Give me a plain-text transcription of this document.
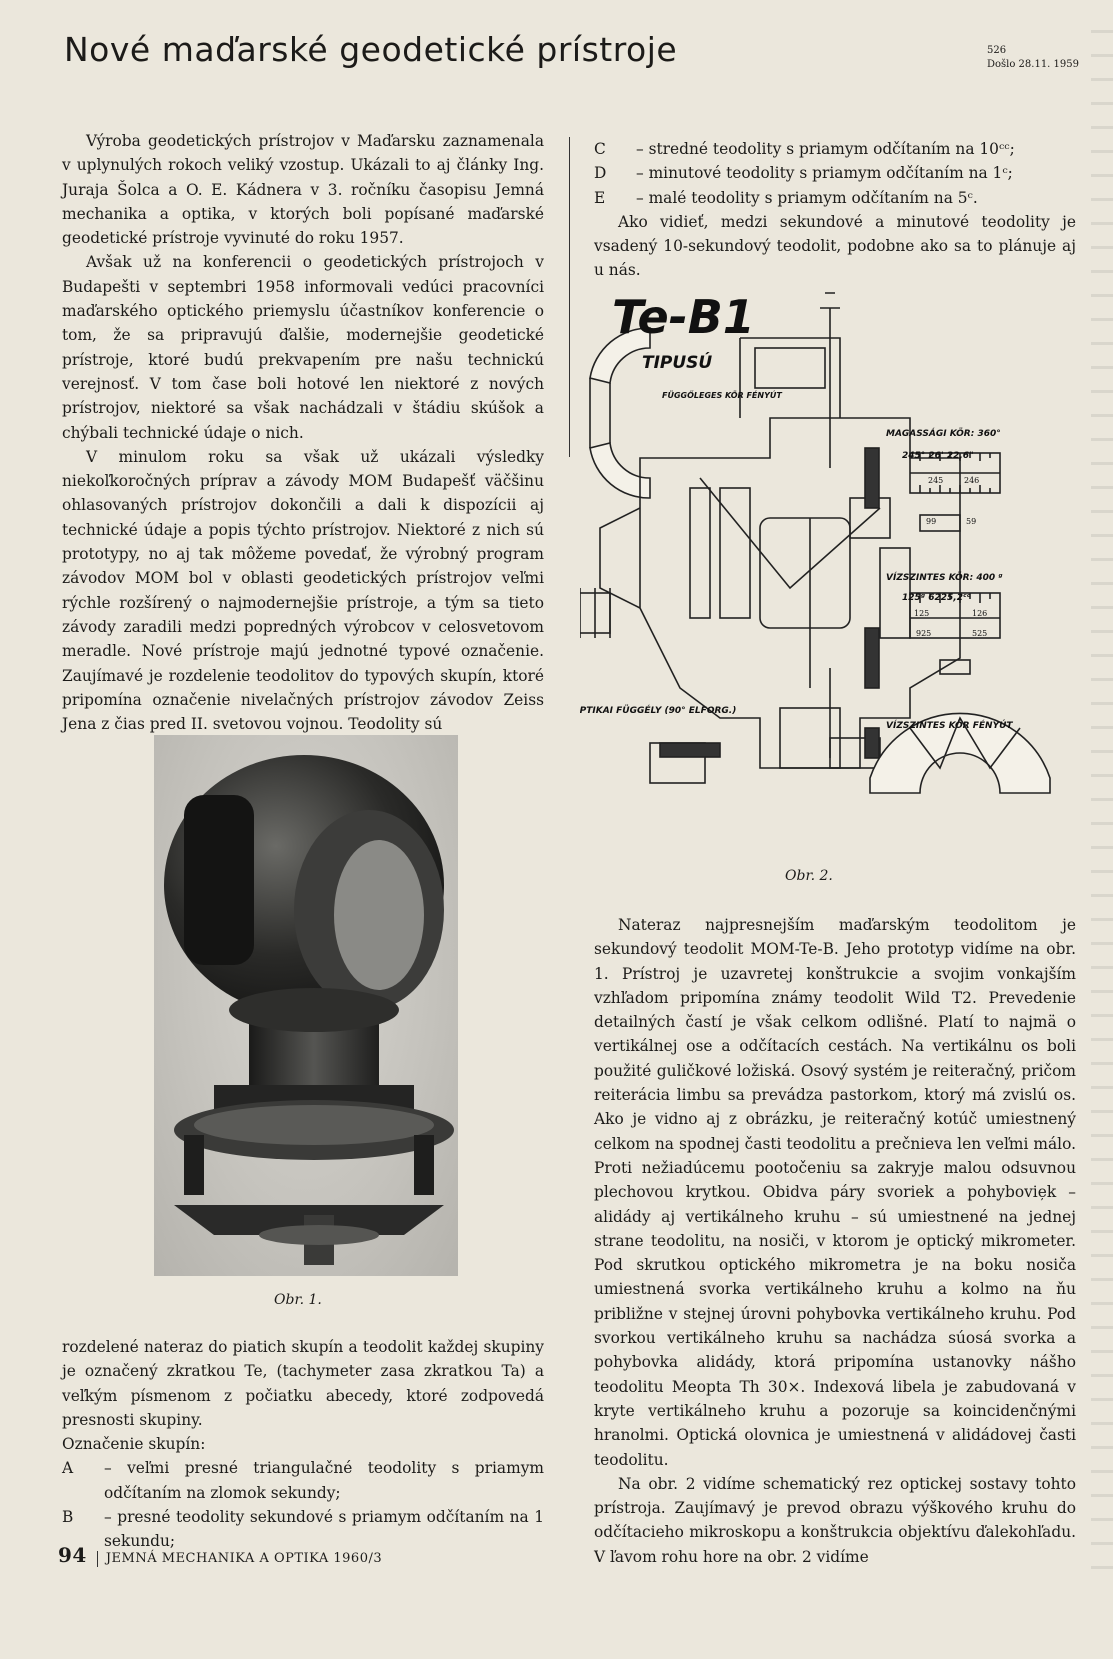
Nové maďarské geodetické prístroje	526
Došlo 28.11. 1959

Výroba geodetických prístrojov v Maďarsku zaznamenala v uplynulých rokoch veliký vzostup. Ukázali to aj články Ing. Juraja Šolca a O. E. Kádnera v 3. ročníku časopisu Jemná mechanika a optika, v ktorých boli popísané maďarské geodetické prístroje vyvinuté do roku 1957.

Avšak už na konferencii o geodetických prístrojoch v Budapešti v septembri 1958 informovali vedúci pracovníci maďarského optického priemyslu účastníkov konferencie o tom, že sa pripravujú ďalšie, modernejšie geodetické prístroje, ktoré budú prekvapením pre našu technickú verejnosť. V tom čase boli hotové len niektoré z nových prístrojov, niektoré sa však nachádzali v štádiu skúšok a chýbali technické údaje o nich.

V minulom roku sa však už ukázali výsledky niekoľkoročných príprav a závody MOM Budapešť väčšinu ohlasovaných prístrojov dokončili a dali k dispozícii aj technické údaje a popis týchto prístrojov. Niektoré z nich sú prototypy, no aj tak môžeme povedať, že výrobný program závodov MOM bol v oblasti geodetických prístrojov veľmi rýchle rozšírený o najmodernejšie prístroje, a tým sa tieto závody zaradili medzi popredných výrobcov v celosvetovom meradle. Nové prístroje majú jednotné typové označenie. Zaujímavé je rozdelenie teodolitov do typových skupín, ktoré pripomína označenie nivelačných prístrojov závodov Zeiss Jena z čias pred II. svetovou vojnou. Teodolity sú

Obr. 1.

rozdelené nateraz do piatich skupín a teodolit každej skupiny je označený zkratkou Te, (tachymeter zasa zkratkou Ta) a veľkým písmenom z počiatku abecedy, ktoré zodpovedá presnosti skupiny.

Označenie skupín:

A – veľmi presné triangulačné teodolity s priamym odčítaním na zlomok sekundy;
B – presné teodolity sekundové s priamym odčítaním na 1 sekundu;
C – stredné teodolity s priamym odčítaním na 10ᶜᶜ;
D – minutové teodolity s priamym odčítaním na 1ᶜ;
E – malé teodolity s priamym odčítaním na 5ᶜ.

Ako vidieť, medzi sekundové a minutové teodolity je vsadený 10-sekundový teodolit, podobne ako sa to plánuje aj u nás.

Te-B1
TIPUSÚ
FÜGGŐLEGES KÖR FÉNYÚT
MAGASSÁGI KÖR: 360°
245° 26' 22,6"
245	246
99	59
VÍZSZINTES KÖR: 400 ᵍ
125ᵍ 6225,2ᶜᶜ
125	126
925	525
OPTIKAI FÜGGÉLY (90° ELFORG.)
VÍZSZINTES KÖR FÉNYÚT
Obr. 2.

Nateraz najpresnejším maďarským teodolitom je sekundový teodolit MOM-Te-B. Jeho prototyp vidíme na obr. 1. Prístroj je uzavretej konštrukcie a svojim vonkajším vzhľadom pripomína známy teodolit Wild T2. Prevedenie detailných častí je však celkom odlišné. Platí to najmä o vertikálnej ose a odčítacích cestách. Na vertikálnu os boli použité guličkové ložiská. Osový systém je reiteračný, pričom reiterácia limbu sa prevádza pastorkom, ktorý má zvislú os. Ako je vidno aj z obrázku, je reiteračný kotúč umiestnený celkom na spodnej časti teodolitu a prečnieva len veľmi málo. Proti nežiadúcemu pootočeniu sa zakryje malou odsuvnou plechovou krytkou. Obidva páry svoriek a pohybovie̦k – alidády aj vertikálneho kruhu – sú umiestnené na jednej strane teodolitu, na nosiči, v ktorom je optický mikrometer. Pod skrutkou optického mikrometra je na boku nosiča umiestnená svorka vertikálneho kruhu a kolmo na ňu približne v stejnej úrovni pohybovka vertikálneho kruhu. Pod svorkou vertikálneho kruhu sa nachádza súosá svorka a pohybovka alidády, ktorá pripomína ustanovky nášho teodolitu Meopta Th 30×. Indexová libela je zabudovaná v kryte vertikálneho kruhu a pozoruje sa koincidenčnými hranolmi. Optická olovnica je umiestnená v alidádovej časti teodolitu.

Na obr. 2 vidíme schematický rez optickej sostavy tohto prístroja. Zaujímavý je prevod obrazu výškového kruhu do odčítacieho mikroskopu a konštrukcia objektívu ďalekohľadu. V ľavom rohu hore na obr. 2 vidíme

94 JEMNÁ MECHANIKA A OPTIKA 1960/3
